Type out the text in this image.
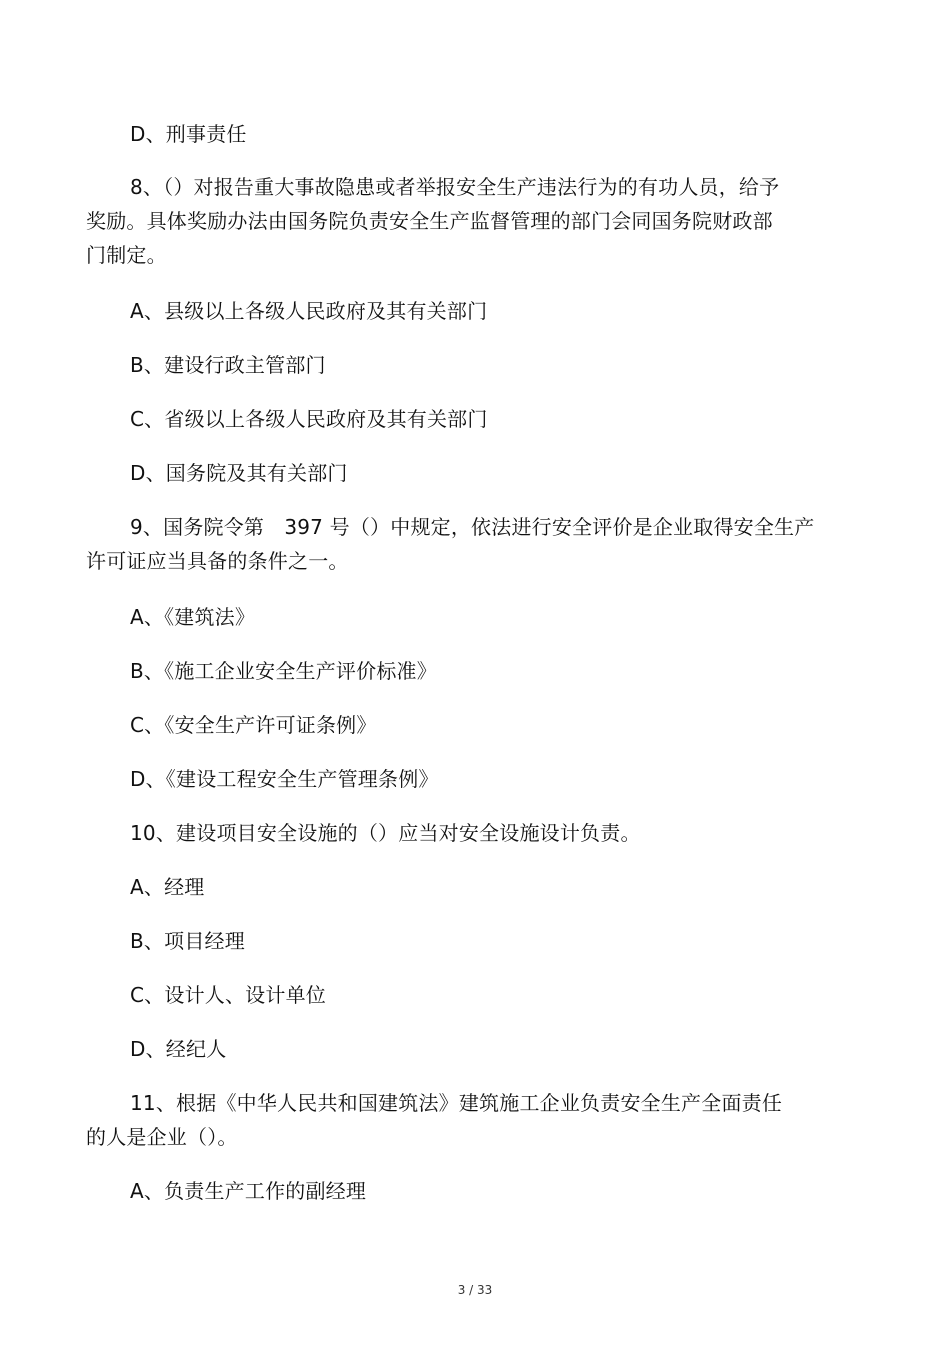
D、刑事责任
8、（）对报告重大事故隐患或者举报安全生产违法行为的有功人员，给予
奖励。具体奖励办法由国务院负责安全生产监督管理的部门会同国务院财政部
门制定。
A、县级以上各级人民政府及其有关部门
B、建设行政主管部门
C、省级以上各级人民政府及其有关部门
D、国务院及其有关部门
9、国务院令第　397 号（）中规定，依法进行安全评价是企业取得安全生产
许可证应当具备的条件之一。
A、《建筑法》
B、《施工企业安全生产评价标准》
C、《安全生产许可证条例》
D、《建设工程安全生产管理条例》
10、建设项目安全设施的（）应当对安全设施设计负责。
A、经理
B、项目经理
C、设计人、设计单位
D、经纪人
11、根据《中华人民共和国建筑法》建筑施工企业负责安全生产全面责任
的人是企业（）。
A、负责生产工作的副经理
3 / 33
